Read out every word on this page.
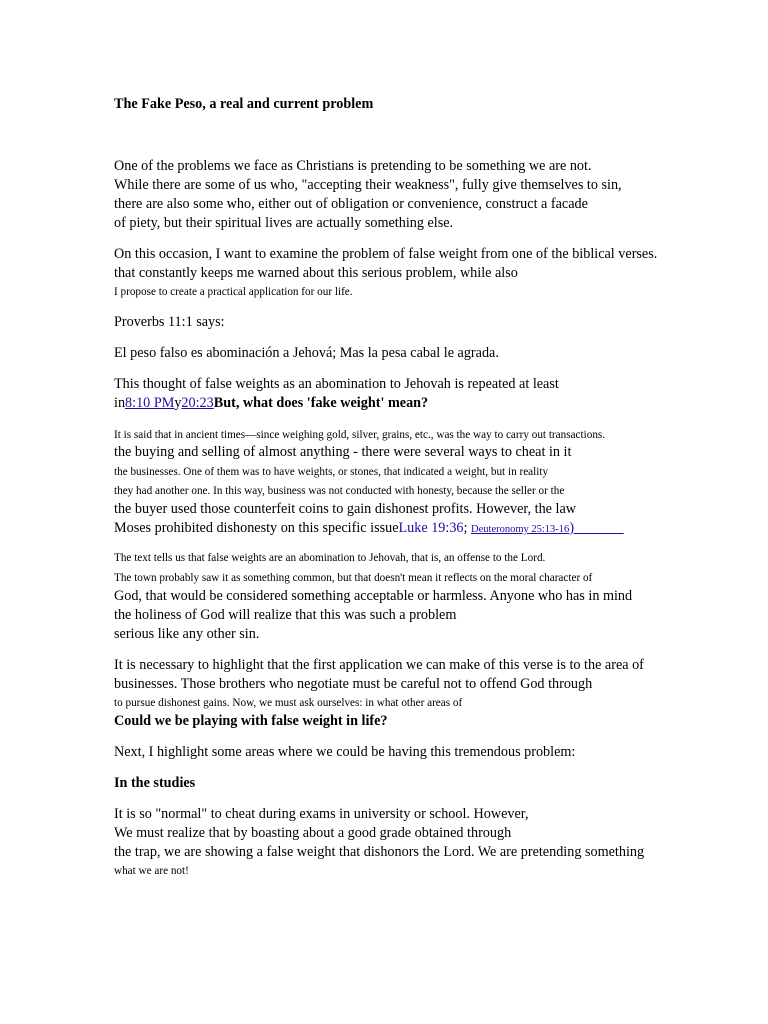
The Fake Peso, a real and current problem
One of the problems we face as Christians is pretending to be something we are not.
While there are some of us who, "accepting their weakness", fully give themselves to sin,
there are also some who, either out of obligation or convenience, construct a facade
of piety, but their spiritual lives are actually something else.
On this occasion, I want to examine the problem of false weight from one of the biblical verses.
that constantly keeps me warned about this serious problem, while also
I propose to create a practical application for our life.
Proverbs 11:1 says:
El peso falso es abominación a Jehová; Mas la pesa cabal le agrada.
This thought of false weights as an abomination to Jehovah is repeated at least
in8:10 PMy20:23But, what does 'fake weight' mean?
It is said that in ancient times—since weighing gold, silver, grains, etc., was the way to carry out transactions.
the buying and selling of almost anything - there were several ways to cheat in it
the businesses. One of them was to have weights, or stones, that indicated a weight, but in reality
they had another one. In this way, business was not conducted with honesty, because the seller or the
the buyer used those counterfeit coins to gain dishonest profits. However, the law
Moses prohibited dishonesty on this specific issueLuke 19:36; Deuteronomy 25:13-16)
The text tells us that false weights are an abomination to Jehovah, that is, an offense to the Lord.
The town probably saw it as something common, but that doesn't mean it reflects on the moral character of
God, that would be considered something acceptable or harmless. Anyone who has in mind
the holiness of God will realize that this was such a problem
serious like any other sin.
It is necessary to highlight that the first application we can make of this verse is to the area of
businesses. Those brothers who negotiate must be careful not to offend God through
to pursue dishonest gains. Now, we must ask ourselves: in what other areas of
Could we be playing with false weight in life?
Next, I highlight some areas where we could be having this tremendous problem:
In the studies
It is so "normal" to cheat during exams in university or school. However,
We must realize that by boasting about a good grade obtained through
the trap, we are showing a false weight that dishonors the Lord. We are pretending something
what we are not!
